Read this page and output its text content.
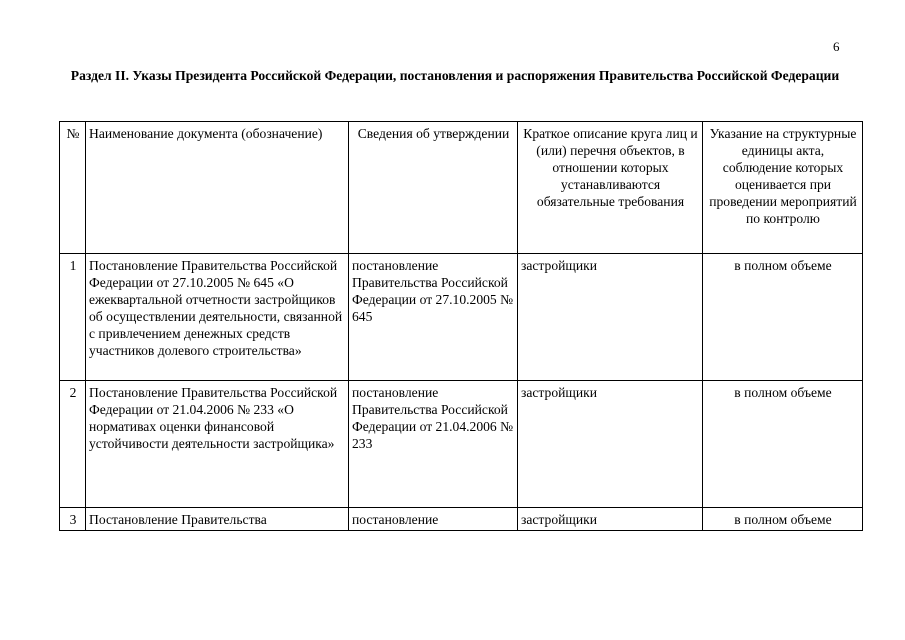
6
Раздел II. Указы Президента Российской Федерации, постановления и распоряжения Правительства Российской Федерации
№	Наименование документа (обозначение)	Сведения об утверждении	Краткое описание круга лиц и (или) перечня объектов, в отношении которых устанавливаются обязательные требования	Указание на структурные единицы акта, соблюдение которых оценивается при проведении мероприятий по контролю
1	Постановление Правительства Российской Федерации от 27.10.2005 № 645 «О ежеквартальной отчетности застройщиков об осуществлении деятельности, связанной с привлечением денежных средств участников долевого строительства»	постановление Правительства Российской Федерации от 27.10.2005 № 645	застройщики	в полном объеме
2	Постановление Правительства Российской Федерации от 21.04.2006 № 233 «О нормативах оценки финансовой устойчивости деятельности застройщика»	постановление Правительства Российской Федерации от 21.04.2006 № 233	застройщики	в полном объеме
3	Постановление Правительства	постановление	застройщики	в полном объеме
